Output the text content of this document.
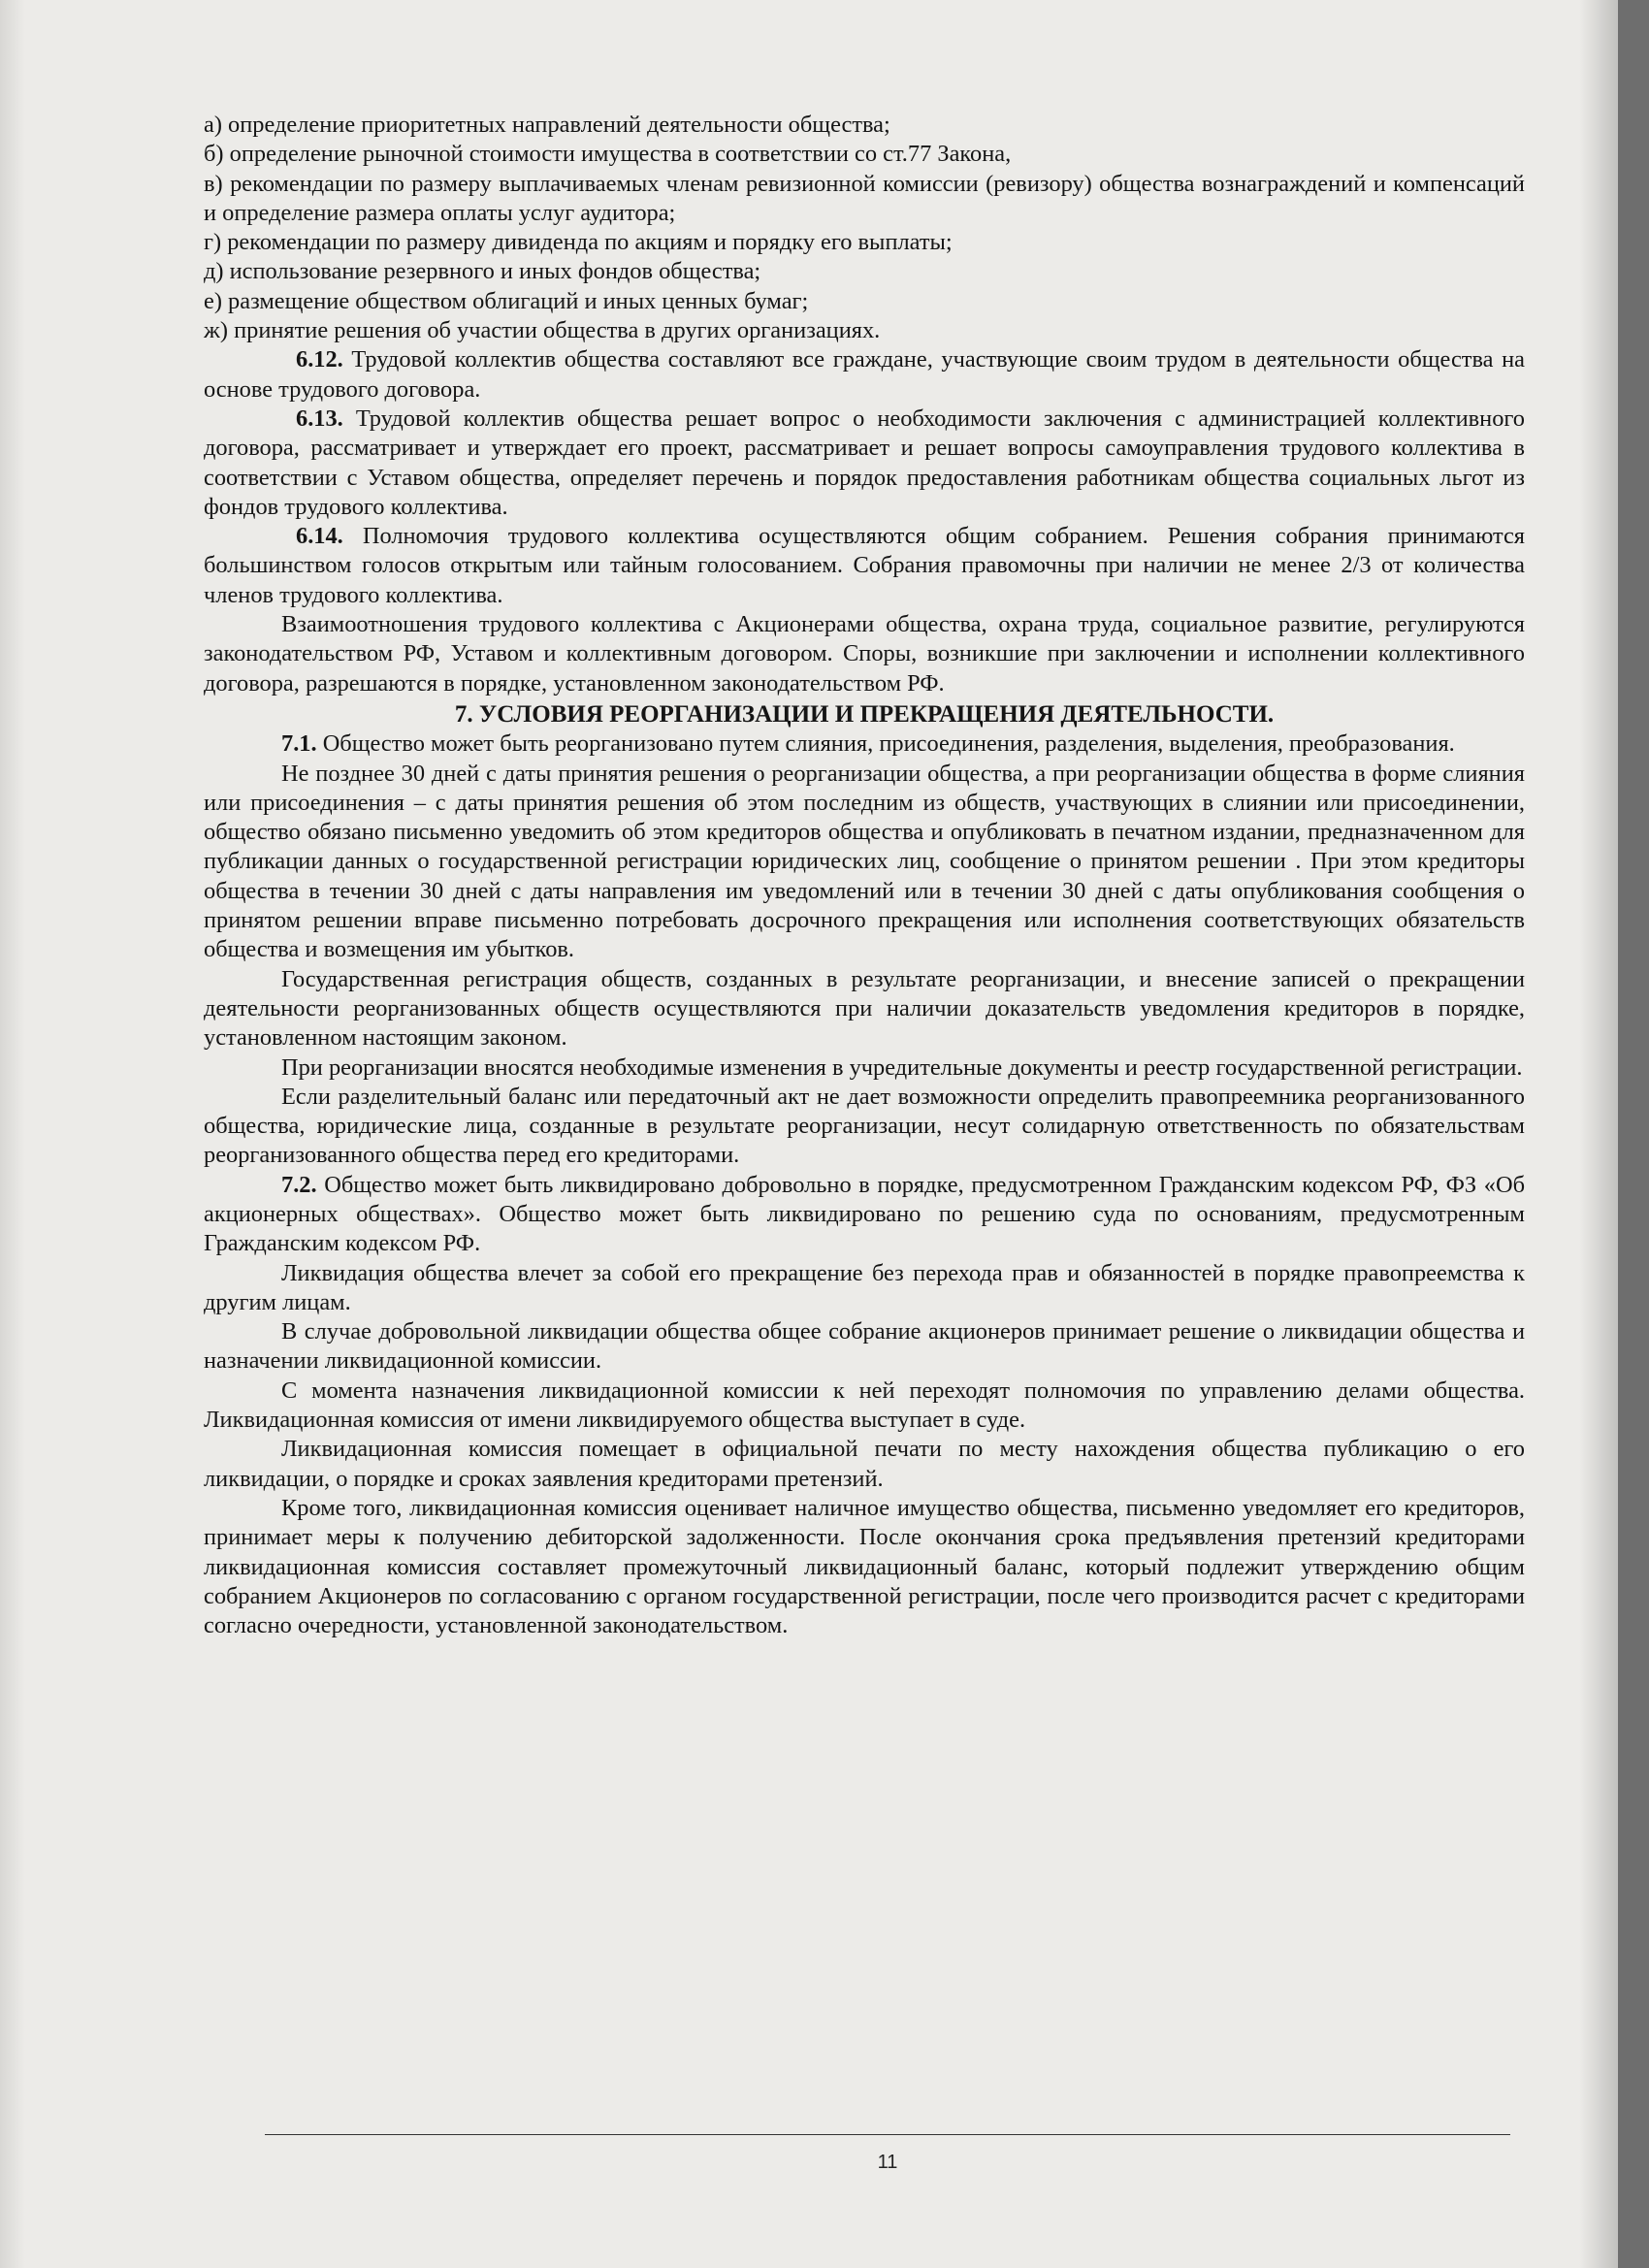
а) определение приоритетных направлений деятельности общества;

б) определение рыночной стоимости имущества в соответствии со ст.77 Закона,

в) рекомендации по размеру выплачиваемых членам ревизионной комиссии (ревизору) общества вознаграждений и компенсаций и определение размера оплаты услуг аудитора;

г) рекомендации по размеру дивиденда по акциям и порядку его выплаты;

д) использование резервного и иных фондов общества;

е) размещение обществом облигаций и иных ценных бумаг;

ж) принятие решения об участии общества в других организациях.

6.12. Трудовой коллектив общества составляют все граждане, участвующие своим трудом в деятельности общества на основе трудового договора.

6.13. Трудовой коллектив общества решает вопрос о необходимости заключения с администрацией коллективного договора, рассматривает и утверждает его проект, рассматривает и решает вопросы самоуправления трудового коллектива в соответствии с Уставом общества, определяет перечень и порядок предоставления работникам общества социальных льгот из фондов трудового коллектива.

6.14. Полномочия трудового коллектива осуществляются общим собранием. Решения собрания принимаются большинством голосов открытым или тайным голосованием. Собрания правомочны при наличии не менее 2/3 от количества членов трудового коллектива.

Взаимоотношения трудового коллектива с Акционерами общества, охрана труда, социальное развитие, регулируются законодательством РФ, Уставом и коллективным договором. Споры, возникшие при заключении и исполнении коллективного договора, разрешаются в порядке, установленном законодательством РФ.

7. УСЛОВИЯ РЕОРГАНИЗАЦИИ И ПРЕКРАЩЕНИЯ ДЕЯТЕЛЬНОСТИ.

7.1. Общество может быть реорганизовано путем слияния, присоединения, разделения, выделения, преобразования.

Не позднее 30 дней с даты принятия решения о реорганизации общества, а при реорганизации общества в форме слияния или присоединения – с даты принятия решения об этом последним из обществ, участвующих в слиянии или присоединении, общество обязано письменно уведомить об этом кредиторов общества и опубликовать в печатном издании, предназначенном для публикации данных о государственной регистрации юридических лиц, сообщение о принятом решении . При этом кредиторы общества в течении 30 дней с даты направления им уведомлений или в течении 30 дней с даты опубликования сообщения о принятом решении вправе письменно потребовать досрочного прекращения или исполнения соответствующих обязательств общества и возмещения им убытков.

Государственная регистрация обществ, созданных в результате реорганизации, и внесение записей о прекращении деятельности реорганизованных обществ осуществляются при наличии доказательств уведомления кредиторов в порядке, установленном настоящим законом.

При реорганизации вносятся необходимые изменения в учредительные документы и реестр государственной регистрации.

Если разделительный баланс или передаточный акт не дает возможности определить правопреемника реорганизованного общества, юридические лица, созданные в результате реорганизации, несут солидарную ответственность по обязательствам реорганизованного общества перед его кредиторами.

7.2. Общество может быть ликвидировано добровольно в порядке, предусмотренном Гражданским кодексом РФ, ФЗ «Об акционерных обществах». Общество может быть ликвидировано по решению суда по основаниям, предусмотренным Гражданским кодексом РФ.

Ликвидация общества влечет за собой его прекращение без перехода прав и обязанностей в порядке правопреемства к другим лицам.

В случае добровольной ликвидации общества общее собрание акционеров принимает решение о ликвидации общества и назначении ликвидационной комиссии.

С момента назначения ликвидационной комиссии к ней переходят полномочия по управлению делами общества. Ликвидационная комиссия от имени ликвидируемого общества выступает в суде.

Ликвидационная комиссия помещает в официальной печати по месту нахождения общества публикацию о его ликвидации, о порядке и сроках заявления кредиторами претензий.

Кроме того, ликвидационная комиссия оценивает наличное имущество общества, письменно уведомляет его кредиторов, принимает меры к получению дебиторской задолженности. После окончания срока предъявления претензий кредиторами ликвидационная комиссия составляет промежуточный ликвидационный баланс, который подлежит утверждению общим собранием Акционеров по согласованию с органом государственной регистрации, после чего производится расчет с кредиторами согласно очередности, установленной законодательством.

11
